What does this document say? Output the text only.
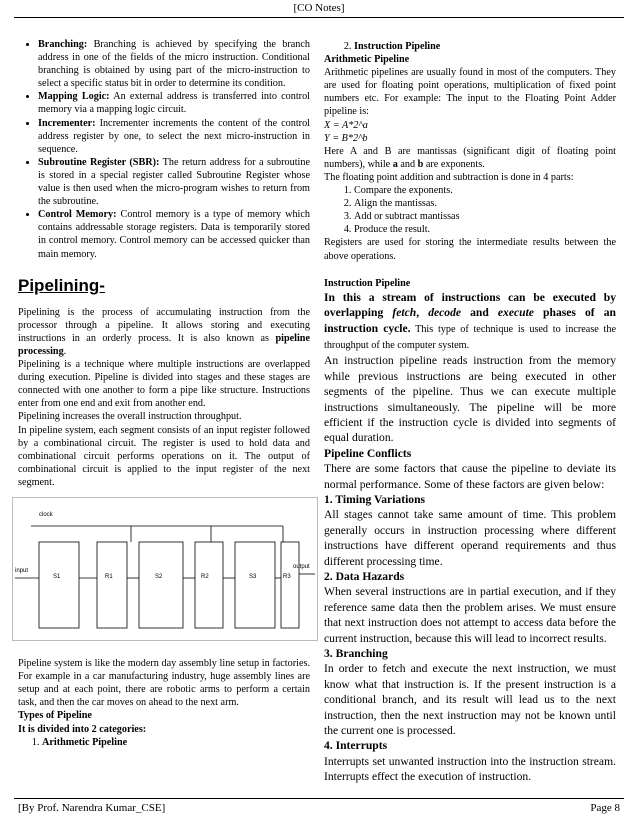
[CO Notes]
• Branching: Branching is achieved by specifying the branch address in one of the fields of the micro instruction. Conditional branching is obtained by using part of the micro-instruction to select a specific status bit in order to determine its condition.
• Mapping Logic: An external address is transferred into control memory via a mapping logic circuit.
• Incrementer: Incrementer increments the content of the control address register by one, to select the next micro-instruction in sequence.
• Subroutine Register (SBR): The return address for a subroutine is stored in a special register called Subroutine Register whose value is then used when the micro-program wishes to return from the subroutine.
• Control Memory: Control memory is a type of memory which contains addressable storage registers. Data is temporarily stored in control memory. Control memory can be accessed quicker than main memory.
Pipelining-

Pipelining is the process of accumulating instruction from the processor through a pipeline. It allows storing and executing instructions in an orderly process. It is also known as pipeline processing.

Pipelining is a technique where multiple instructions are overlapped during execution. Pipeline is divided into stages and these stages are connected with one another to form a pipe like structure. Instructions enter from one end and exit from another end.

Pipelining increases the overall instruction throughput.

In pipeline system, each segment consists of an input register followed by a combinational circuit. The register is used to hold data and combinational circuit performs operations on it. The output of combinational circuit is applied to the input register of the next segment.

clock
input
S1	R1	S2	R2	S3	R3
output

Pipeline system is like the modern day assembly line setup in factories. For example in a car manufacturing industry, huge assembly lines are setup and at each point, there are robotic arms to perform a certain task, and then the car moves on ahead to the next arm.

Types of Pipeline

It is divided into 2 categories:

1. Arithmetic Pipeline
2. Instruction Pipeline

Arithmetic Pipeline

Arithmetic pipelines are usually found in most of the computers. They are used for floating point operations, multiplication of fixed point numbers etc. For example: The input to the Floating Point Adder pipeline is:

X = A*2^a

Y = B*2^b

Here A and B are mantissas (significant digit of floating point numbers), while a and b are exponents.

The floating point addition and subtraction is done in 4 parts:

1. Compare the exponents.
2. Align the mantissas.
3. Add or subtract mantissas
4. Produce the result.

Registers are used for storing the intermediate results between the above operations.

Instruction Pipeline

In this a stream of instructions can be executed by overlapping fetch, decode and execute phases of an instruction cycle. This type of technique is used to increase the throughput of the computer system.

An instruction pipeline reads instruction from the memory while previous instructions are being executed in other segments of the pipeline. Thus we can execute multiple instructions simultaneously. The pipeline will be more efficient if the instruction cycle is divided into segments of equal duration.

Pipeline Conflicts

There are some factors that cause the pipeline to deviate its normal performance. Some of these factors are given below:

1. Timing Variations

All stages cannot take same amount of time. This problem generally occurs in instruction processing where different instructions have different operand requirements and thus different processing time.

2. Data Hazards

When several instructions are in partial execution, and if they reference same data then the problem arises. We must ensure that next instruction does not attempt to access data before the current instruction, because this will lead to incorrect results.

3. Branching

In order to fetch and execute the next instruction, we must know what that instruction is. If the present instruction is a conditional branch, and its result will lead us to the next instruction, then the next instruction may not be known until the current one is processed.

4. Interrupts

Interrupts set unwanted instruction into the instruction stream. Interrupts effect the execution of instruction.

[By Prof. Narendra Kumar_CSE]	Page 8
